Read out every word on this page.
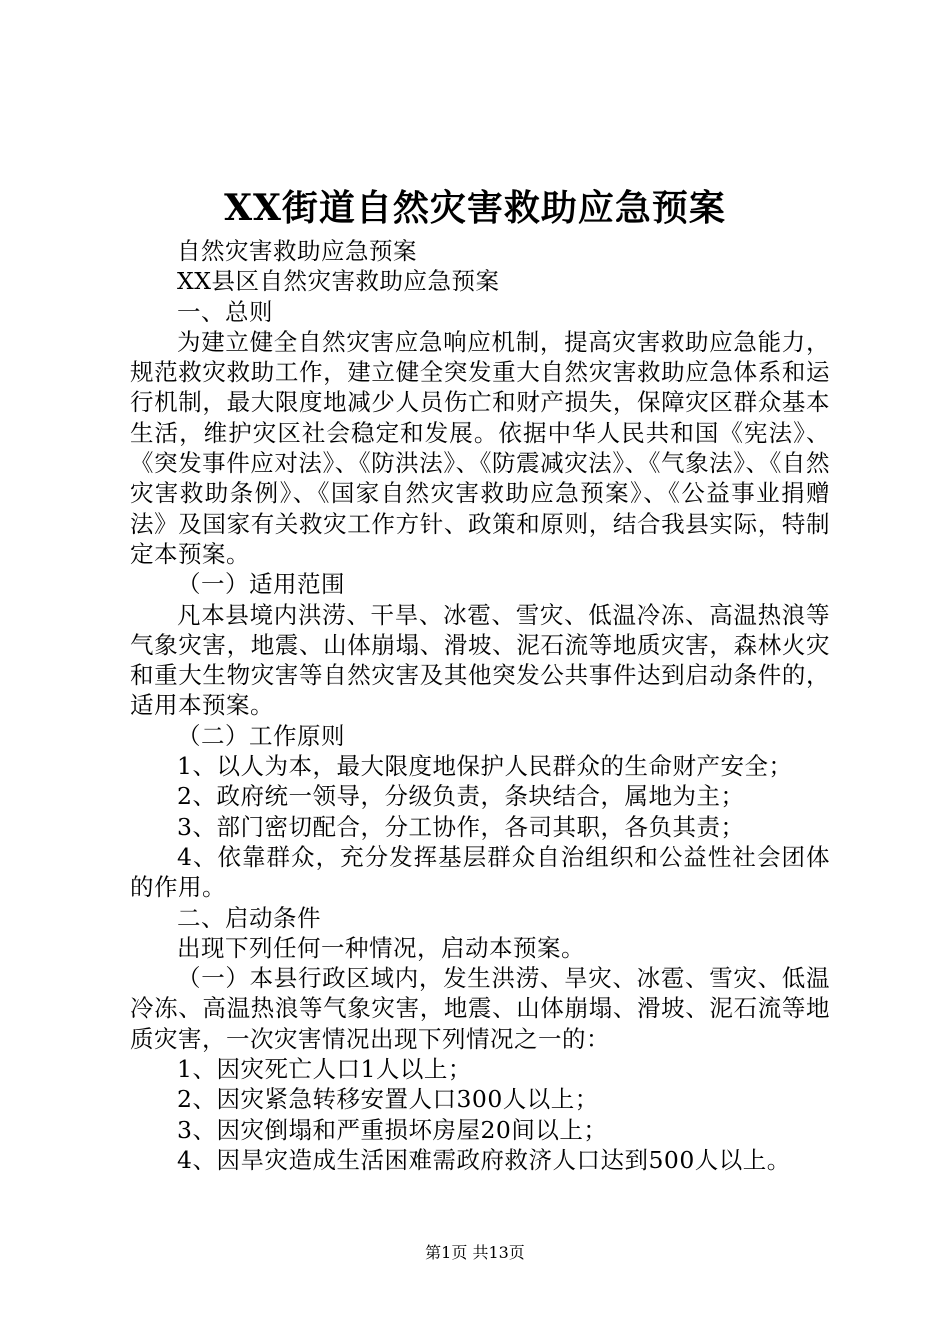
XX街道自然灾害救助应急预案

自然灾害救助应急预案

XX县区自然灾害救助应急预案

一、总则

为建立健全自然灾害应急响应机制，提高灾害救助应急能力，规范救灾救助工作，建立健全突发重大自然灾害救助应急体系和运行机制，最大限度地减少人员伤亡和财产损失，保障灾区群众基本生活，维护灾区社会稳定和发展。依据中华人民共和国《宪法》、《突发事件应对法》、《防洪法》、《防震减灾法》、《气象法》、《自然灾害救助条例》、《国家自然灾害救助应急预案》、《公益事业捐赠法》及国家有关救灾工作方针、政策和原则，结合我县实际，特制定本预案。

（一）适用范围

凡本县境内洪涝、干旱、冰雹、雪灾、低温冷冻、高温热浪等气象灾害，地震、山体崩塌、滑坡、泥石流等地质灾害，森林火灾和重大生物灾害等自然灾害及其他突发公共事件达到启动条件的，适用本预案。

（二）工作原则

1、以人为本，最大限度地保护人民群众的生命财产安全；

2、政府统一领导，分级负责，条块结合，属地为主；

3、部门密切配合，分工协作，各司其职，各负其责；

4、依靠群众，充分发挥基层群众自治组织和公益性社会团体的作用。

二、启动条件

出现下列任何一种情况，启动本预案。

（一）本县行政区域内，发生洪涝、旱灾、冰雹、雪灾、低温冷冻、高温热浪等气象灾害，地震、山体崩塌、滑坡、泥石流等地质灾害，一次灾害情况出现下列情况之一的：

1、因灾死亡人口1人以上；

2、因灾紧急转移安置人口300人以上；

3、因灾倒塌和严重损坏房屋20间以上；

4、因旱灾造成生活困难需政府救济人口达到500人以上。

第1页 共13页
